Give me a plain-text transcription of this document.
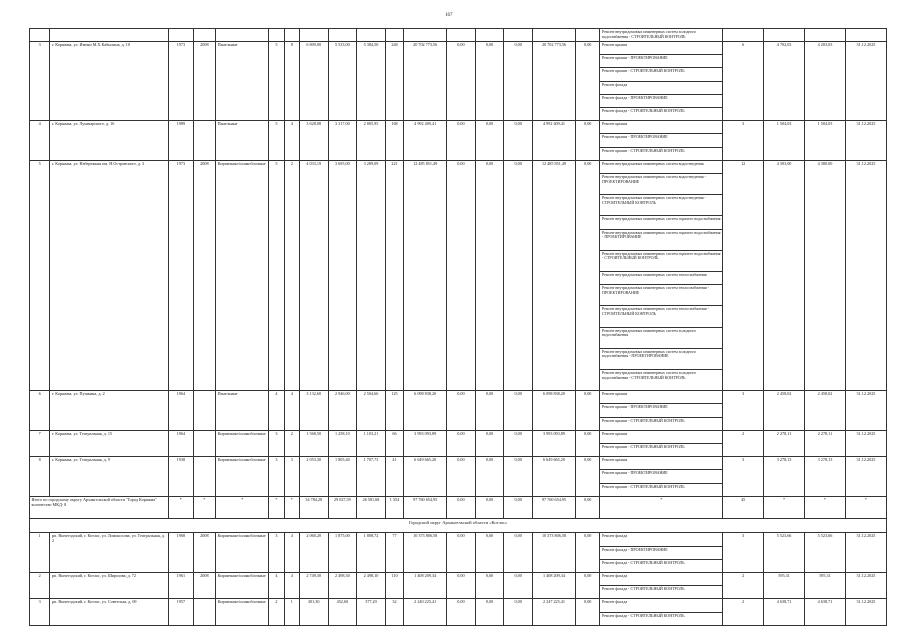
167
																	Ремонт внутридомовых инженерных систем холодного водоснабжения - СТРОИТЕЛЬНЫЙ КОНТРОЛЬ				
3	г. Коряжма, ул. Имени М.Х.Кабылина, д. 10	1973	2008	Панельные	5	8	6 809,00	5 533,00	5 384,50	248	20 702 773,56	0,00	0,00	0,00	20 702 773,56	0,00	Ремонт крыши	6	4 702,03	4 203,03	31.12.2025
																	Ремонт крыши - ПРОЕКТИРОВАНИЕ				
																	Ремонт крыши - СТРОИТЕЛЬНЫЙ КОНТРОЛЬ				
																	Ремонт фасада				
																	Ремонт фасада - ПРОЕКТИРОВАНИЕ				
																	Ремонт фасада - СТРОИТЕЛЬНЫЙ КОНТРОЛЬ				
4	г. Коряжма, ул. Луначарского, д. 16	1989		Панельные	5	4	3 628,08	3 317,00	2 805,95	168	4 992 409,41	0,00	0,00	0,00	4 992 409,41	0,00	Ремонт крыши	3	1 504,03	1 504,03	31.12.2025
																	Ремонт крыши - ПРОЕКТИРОВАНИЕ				
																	Ремонт крыши - СТРОИТЕЛЬНЫЙ КОНТРОЛЬ				
5	г. Коряжма, ул. Набережная им. Н.Островского, д. 3	1973	2008	Кирпичные/шлакоблочные	5	2	4 033,19	3 695,00	3 289,09	221	12 485 851,49	0,00	0,00	0,00	12 485 851,49	0,00	Ремонт внутридомовых инженерных систем водоотведения	12	4 393,00	4 380,00	31.12.2025
																	Ремонт внутридомовых инженерных систем водоотведения - ПРОЕКТИРОВАНИЕ				
																	Ремонт внутридомовых инженерных систем водоотведения - СТРОИТЕЛЬНЫЙ КОНТРОЛЬ				
																	Ремонт внутридомовых инженерных систем горячего водоснабжения				
																	Ремонт внутридомовых инженерных систем горячего водоснабжения - ПРОЕКТИРОВАНИЕ				
																	Ремонт внутридомовых инженерных систем горячего водоснабжения - СТРОИТЕЛЬНЫЙ КОНТРОЛЬ				
																	Ремонт внутридомовых инженерных систем теплоснабжения				
																	Ремонт внутридомовых инженерных систем теплоснабжения - ПРОЕКТИРОВАНИЕ				
																	Ремонт внутридомовых инженерных систем теплоснабжения - СТРОИТЕЛЬНЫЙ КОНТРОЛЬ				
																	Ремонт внутридомовых инженерных систем холодного водоснабжения				
																	Ремонт внутридомовых инженерных систем холодного водоснабжения - ПРОЕКТИРОВАНИЕ				
																	Ремонт внутридомовых инженерных систем холодного водоснабжения - СТРОИТЕЛЬНЫЙ КОНТРОЛЬ				
6	г. Коряжма, ул. Пушкина, д. 2	1964		Панельные	4	4	3 132,60	2 946,00	2 504,66	125	6 098 838,20	0,00	0,00	0,00	6 098 838,20	0,00	Ремонт крыши	3	2 458,02	2 458,02	31.12.2025
																	Ремонт крыши - ПРОЕКТИРОВАНИЕ				
																	Ремонт крыши - СТРОИТЕЛЬНЫЙ КОНТРОЛЬ				
7	г. Коряжма, ул. Театральная, д. 15	1964		Кирпичные/шлакоблочные	3	2	1 568,50	1 258,10	1 103,21	66	3 993 093,89	0,00	0,00	0,00	3 993 093,89	0,00	Ремонт крыши	2	2 278,11	2 278,11	31.12.2025
																	Ремонт крыши - СТРОИТЕЛЬНЫЙ КОНТРОЛЬ				
8	г. Коряжма, ул. Театральная, д. 9	1938		Кирпичные/шлакоблочные	3	3	2 053,30	1 805,40	1 707,73	41	6 649 665,20	0,00	0,00	0,00	6 649 665,20	0,00	Ремонт крыши	3	3 278,13	3 278,13	31.12.2025
																	Ремонт крыши - ПРОЕКТИРОВАНИЕ				
																	Ремонт крыши - СТРОИТЕЛЬНЫЙ КОНТРОЛЬ				
Итого по городскому округу Архангельской области "Город Коряжма" количество МКД: 8		*	*	*	*	*	34 784,28	29 027,39	26 581,68	1 354	97 760 654,95	0,00	0,00	0,00	97 760 654,95	0,00	*	45	*	*	*
Городской округ Архангельской области «Котлас»																					
1	рп. Вычегодский, г. Котлас, ул. Ломоносова, ул. Театральная, д. 2	1968	2008	Кирпичные/шлакоблочные	3	4	2 060,20	1 875,00	1 808,72	77	10 373 806,58	0,00	0,00	0,00	10 373 806,58	0,00	Ремонт фасада	3	5 523,66	5 523,66	31.12.2025
																	Ремонт фасада - ПРОЕКТИРОВАНИЕ				
																	Ремонт фасада - СТРОИТЕЛЬНЫЙ КОНТРОЛЬ				
2	рп. Вычегодский, г. Котлас, ул. Ширшова, д. 72	1961	2008	Кирпичные/шлакоблочные	4	4	2 749,30	2 498,30	2 498,10	110	1 408 209,34	0,00	0,00	0,00	1 408 209,34	0,00	Ремонт фасада	2	595,31	595,31	31.12.2025
																	Ремонт фасада - СТРОИТЕЛЬНЫЙ КОНТРОЛЬ				
3	рп. Вычегодский, г. Котлас, ул. Советская, д. 69	1957		Кирпичные/шлакоблочные	2	1	301,30	452,60	377,20	32	2 240 225,41	0,00	0,00	0,00	2 247 225,41	0,00	Ремонт фасада	2	4 638,71	4 638,71	31.12.2025
																	Ремонт фасада - СТРОИТЕЛЬНЫЙ КОНТРОЛЬ				
